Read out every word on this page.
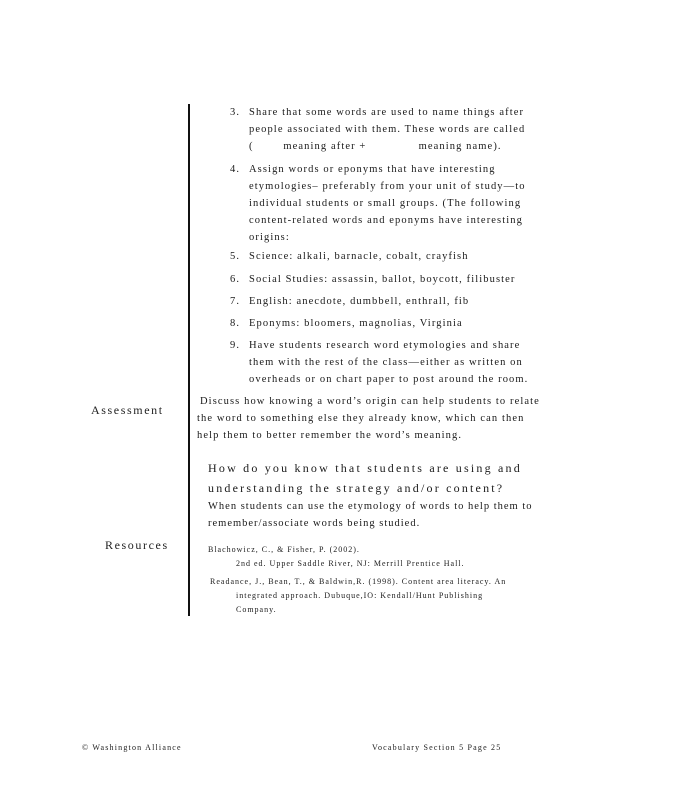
Assessment
Resources
3. Share that some words are used to name things after
people associated with them. These words are called
(        meaning after +              meaning name).
4. Assign words or eponyms that have interesting
etymologies– preferably from your unit of study—to
individual students or small groups. (The following
content-related words and eponyms have interesting
origins:
5. Science: alkali, barnacle, cobalt, crayfish
6. Social Studies: assassin, ballot, boycott, filibuster
7. English: anecdote, dumbbell, enthrall, fib
8. Eponyms: bloomers, magnolias, Virginia
9. Have students research word etymologies and share
them with the rest of the class—either as written on
overheads or on chart paper to post around the room.
Discuss how knowing a word’s origin can help students to relate
the word to something else they already know, which can then
help them to better remember the word’s meaning.
How do you know that students are using and
understanding the strategy and/or content?
When students can use the etymology of words to help them to
remember/associate words being studied.
Blachowicz, C., & Fisher, P. (2002).
2nd ed. Upper Saddle River, NJ: Merrill Prentice Hall.
Readance, J., Bean, T., & Baldwin,R. (1998). Content area literacy. An
integrated approach. Dubuque,IO: Kendall/Hunt Publishing
Company.
© Washington Alliance	Vocabulary Section 5 Page 25
